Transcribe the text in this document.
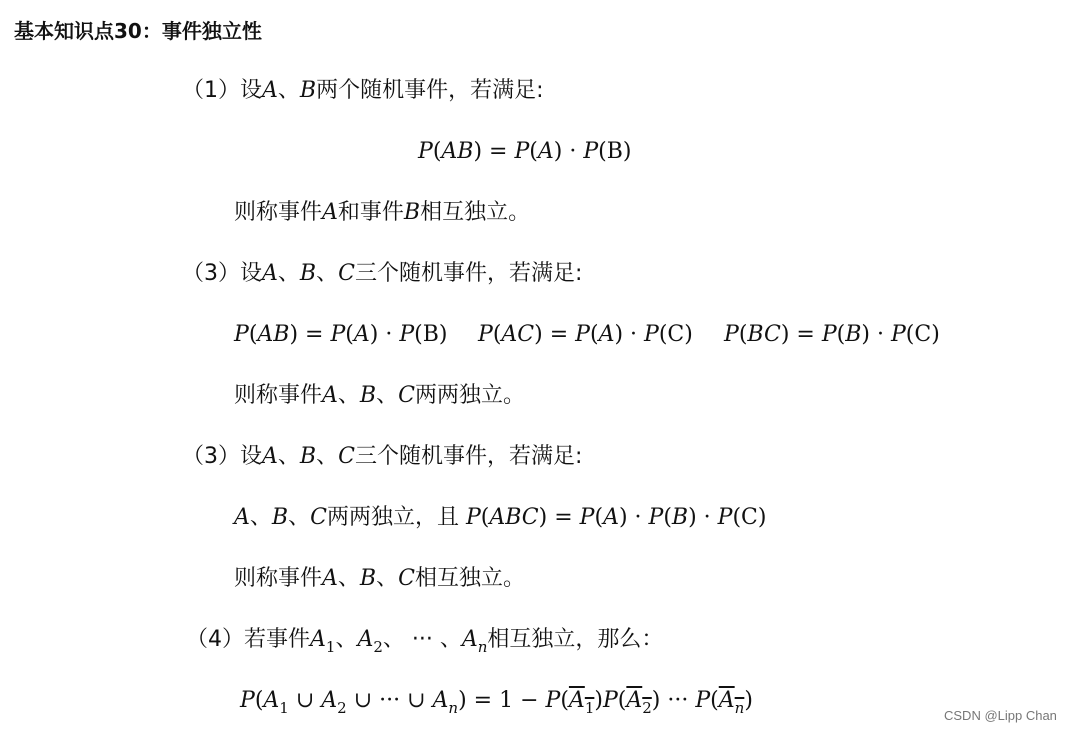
基本知识点30：事件独立性
（1）设A、B两个随机事件，若满足:
P(AB) = P(A) · P(B)
则称事件A和事件B相互独立。
（3）设A、B、C三个随机事件，若满足:
P(AB) = P(A) · P(B) P(AC) = P(A) · P(C) P(BC) = P(B) · P(C)
则称事件A、B、C两两独立。
（3）设A、B、C三个随机事件，若满足:
A、B、C两两独立，且 P(ABC) = P(A) · P(B) · P(C)
则称事件A、B、C相互独立。
（4）若事件$A_1$、$A_2$、 ··· 、$A_n$相互独立，那么：
$P(A_1$ ∪ $A_2$ ∪ ··· ∪ $A_n) = 1 - P(A_1)P(A_2)$ ··· $P(A_n)$
CSDN @Lipp Chan
